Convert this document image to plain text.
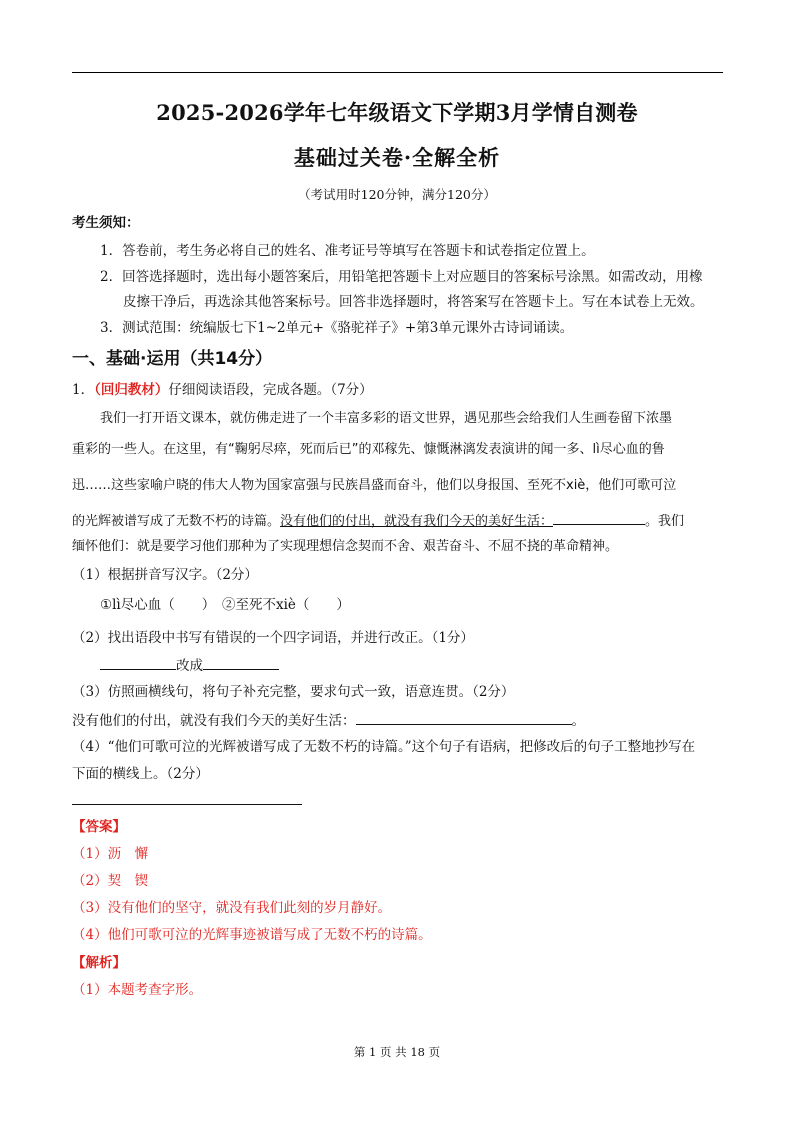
2025-2026学年七年级语文下学期3月学情自测卷
基础过关卷·全解全析
（考试用时120分钟，满分120分）
考生须知：
1．答卷前，考生务必将自己的姓名、准考证号等填写在答题卡和试卷指定位置上。
2．回答选择题时，选出每小题答案后，用铅笔把答题卡上对应题目的答案标号涂黑。如需改动，用橡
皮擦干净后，再选涂其他答案标号。回答非选择题时，将答案写在答题卡上。写在本试卷上无效。
3．测试范围：统编版七下1~2单元+《骆驼祥子》+第3单元课外古诗词诵读。
一、基础·运用（共14分）
1．（回归教材）仔细阅读语段，完成各题。（7分）
我们一打开语文课本，就仿佛走进了一个丰富多彩的语文世界，遇见那些会给我们人生画卷留下浓墨
重彩的一些人。在这里，有“鞠躬尽瘁，死而后已”的邓稼先、慷慨淋漓发表演讲的闻一多、lì尽心血的鲁
迅……这些家喻户晓的伟大人物为国家富强与民族昌盛而奋斗，他们以身报国、至死不xiè，他们可歌可泣
的光辉被谱写成了无数不朽的诗篇。没有他们的付出，就没有我们今天的美好生活：	。我们
缅怀他们：就是要学习他们那种为了实现理想信念契而不舍、艰苦奋斗、不屈不挠的革命精神。
（1）根据拼音写汉字。（2分）
①lì尽心血（　　）　②至死不xiè（　　）
（2）找出语段中书写有错误的一个四字词语，并进行改正。（1分）
改成
（3）仿照画横线句，将句子补充完整，要求句式一致，语意连贯。（2分）
没有他们的付出，就没有我们今天的美好生活：	。
（4）“他们可歌可泣的光辉被谱写成了无数不朽的诗篇。”这个句子有语病，把修改后的句子工整地抄写在
下面的横线上。（2分）
【答案】
（1）沥　懈
（2）契　锲
（3）没有他们的坚守，就没有我们此刻的岁月静好。
（4）他们可歌可泣的光辉事迹被谱写成了无数不朽的诗篇。
【解析】
（1）本题考查字形。
第 1 页 共 18 页
